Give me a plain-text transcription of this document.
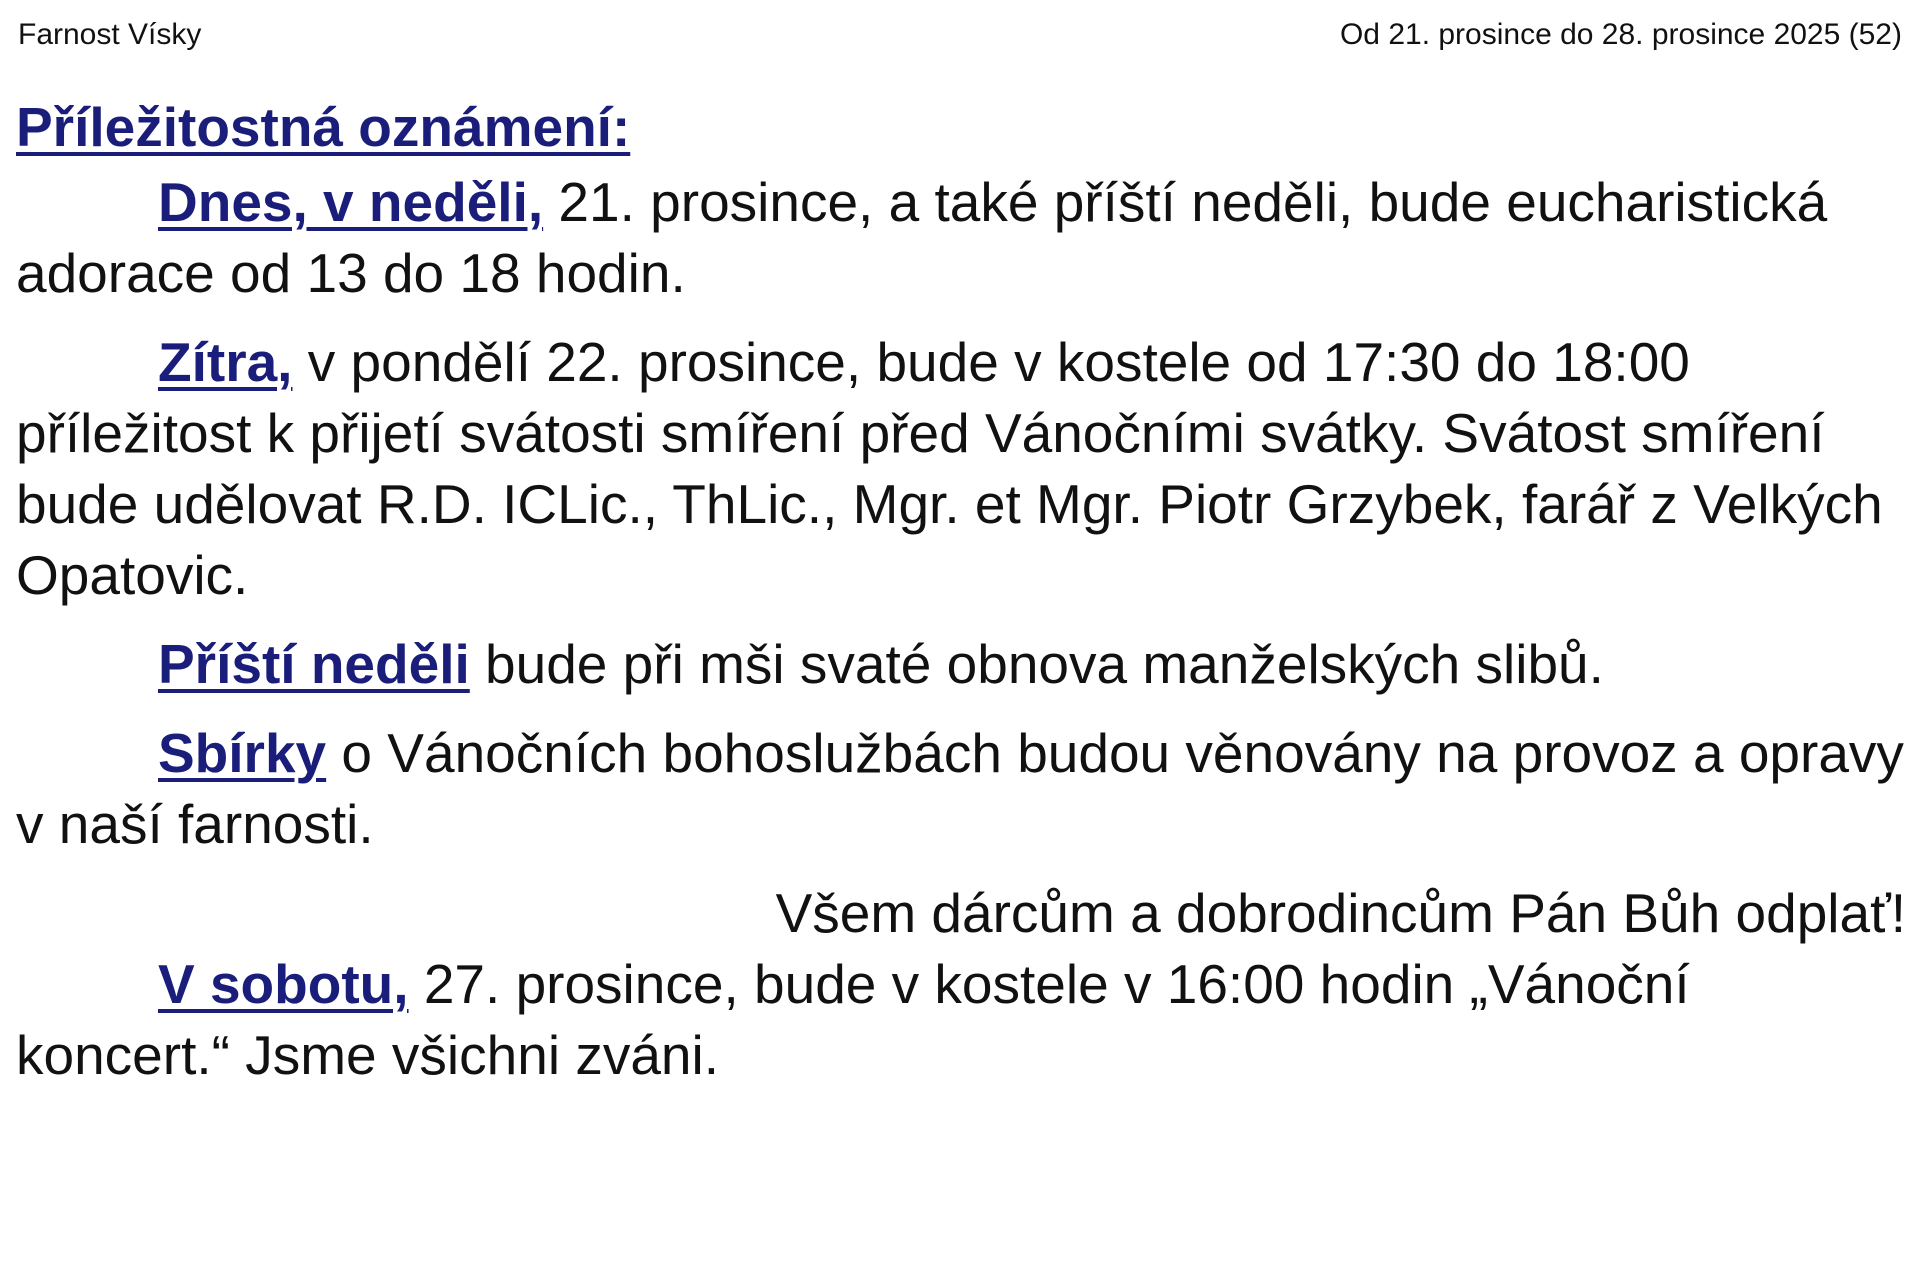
Farnost Vísky	Od 21. prosince do 28. prosince 2025 (52)
Příležitostná oznámení:

Dnes, v neděli, 21. prosince, a také příští neděli, bude eucharistická adorace od 13 do 18 hodin.

Zítra, v pondělí 22. prosince, bude v kostele od 17:30 do 18:00 příležitost k přijetí svátosti smíření před Vánočními svátky. Svátost smíření bude udělovat R.D. ICLic., ThLic., Mgr. et Mgr. Piotr Grzybek, farář z Velkých Opatovic.

Příští neděli bude při mši svaté obnova manželských slibů.

Sbírky o Vánočních bohoslužbách budou věnovány na provoz a opravy v naší farnosti.

Všem dárcům a dobrodincům Pán Bůh odplať!

V sobotu, 27. prosince, bude v kostele v 16:00 hodin „Vánoční koncert.“ Jsme všichni zváni.
